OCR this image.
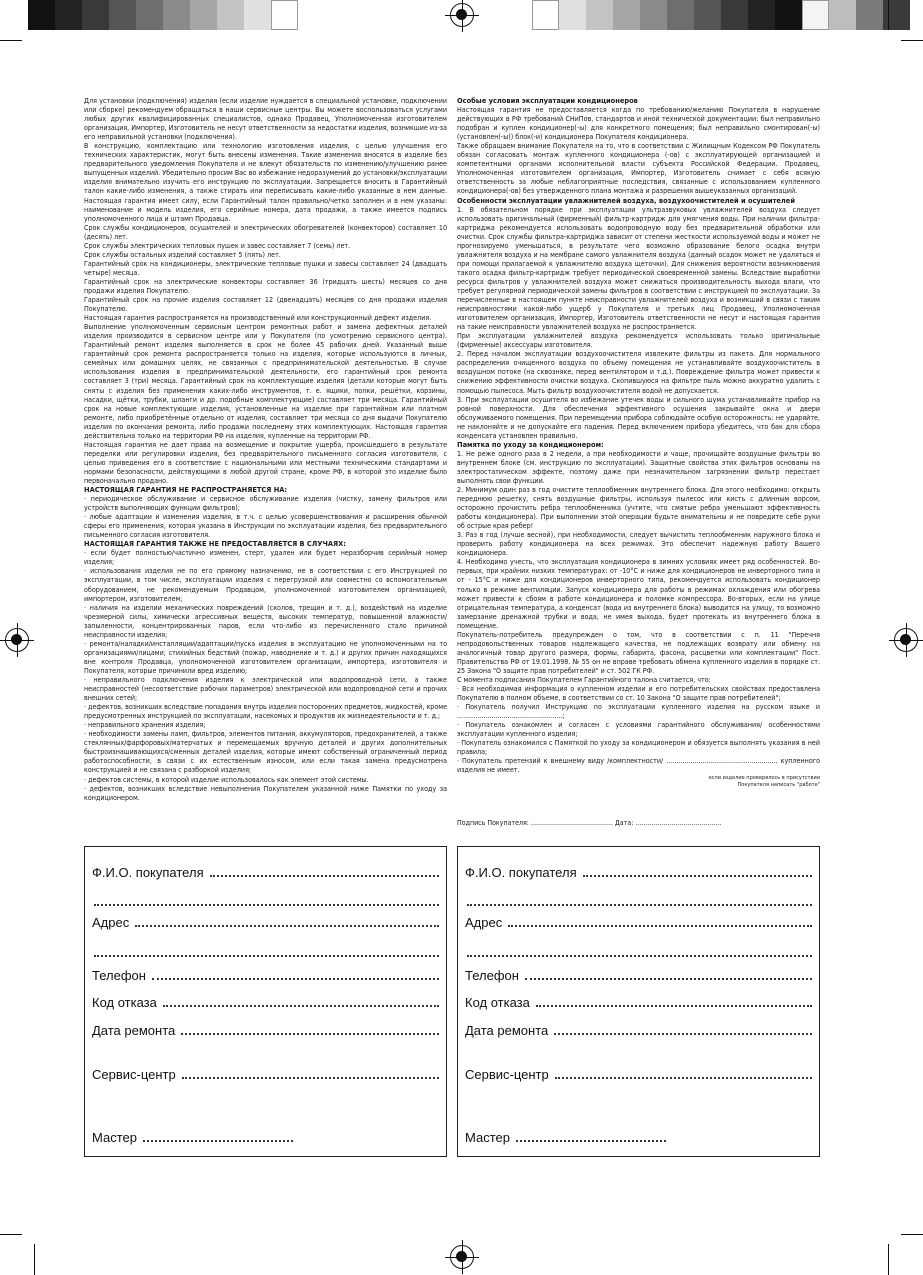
Для установки (подключения) изделия (если изделие нуждается в специальной установке, подключении или сборке) рекомендуем обращаться в наши сервисные центры. Вы можете воспользоваться услугами любых других квалифицированных специалистов, однако Продавец, Уполномоченная изготовителем организация, Импортер, Изготовитель не несут ответственности за недостатки изделия, возникшие из-за его неправильной установки (подключения).

В конструкцию, комплектацию или технологию изготовления изделия, с целью улучшения его технических характеристик, могут быть внесены изменения. Такие изменения вносятся в изделие без предварительного уведомления Покупателя и не влекут обязательств по изменению/улучшению ранее выпущенных изделий. Убедительно просим Вас во избежание недоразумений до установки/эксплуатации изделия внимательно изучить его инструкцию по эксплуатации. Запрещается вносить в Гарантийный талон какие-либо изменения, а также стирать или переписывать какие-либо указанные в нем данные. Настоящая гарантия имеет силу, если Гарантийный талон правильно/четко заполнен и в нем указаны: наименование и модель изделия, его серийные номера, дата продажи, а также имеется подпись уполномоченного лица и штамп Продавца.

Срок службы кондиционеров, осушителей и электрических обогревателей (конвекторов) составляет 10 (десять) лет.

Срок службы электрических тепловых пушек и завес составляет 7 (семь) лет.

Срок службы остальных изделий составляет 5 (пять) лет.

Гарантийный срок на кондиционеры, электрические тепловые пушки и завесы составляет 24 (двадцать четыре) месяца.

Гарантийный срок на электрические конвекторы составляет 36 (тридцать шесть) месяцев со дня продажи изделия Покупателю.

Гарантийный срок на прочие изделия составляет 12 (двенадцать) месяцев со дня продажи изделия Покупателю.

Настоящая гарантия распространяется на производственный или конструкционный дефект изделия.

Выполнение уполномоченным сервисным центром ремонтных работ и замена дефектных деталей изделия производится в сервисном центре или у Покупателя (по усмотрению сервисного центра). Гарантийный ремонт изделия выполняется в срок не более 45 рабочих дней. Указанный выше гарантийный срок ремонта распространяется только на изделия, которые используются в личных, семейных или домашних целях, не связанных с предпринимательской деятельностью. В случае использования изделия в предпринимательской деятельности, его гарантийный срок ремонта составляет 3 (три) месяца. Гарантийный срок на комплектующие изделия (детали которые могут быть сняты с изделия без применения каких-либо инструментов, т. е. ящики, полки, решётки, корзины, насадки, щётки, трубки, шланги и др. подобные комплектующие) составляет три месяца. Гарантийный срок на новые комплектующие изделия, установленные на изделие при гарантийном или платном ремонте, либо приобретённые отдельно от изделия, составляет три месяца со дня выдачи Покупателю изделия по окончании ремонта, либо продажи последнему этих комплектующих. Настоящая гарантия действительна только на территории РФ на изделия, купленные на территории РФ.

Настоящая гарантия не дает права на возмещение и покрытие ущерба, происшедшего в результате переделки или регулировки изделия, без предварительного письменного согласия изготовителя, с целью приведения его в соответствие с национальными или местными техническими стандартами и нормами безопасности, действующими в любой другой стране, кроме РФ, в которой это изделие было первоначально продано.

НАСТОЯЩАЯ ГАРАНТИЯ НЕ РАСПРОСТРАНЯЕТСЯ НА:

· периодическое обслуживание и сервисное обслуживание изделия (чистку, замену фильтров или устройств выполняющих функции фильтров);

· любые адаптации и изменения изделия, в т.ч. с целью усовершенствования и расширения обычной сферы его применения, которая указана в Инструкции по эксплуатации изделия, без предварительного письменного согласия изготовителя.

НАСТОЯЩАЯ ГАРАНТИЯ ТАКЖЕ НЕ ПРЕДОСТАВЛЯЕТСЯ В СЛУЧАЯХ:

· если будет полностью/частично изменен, стерт, удален или будет неразборчив серийный номер изделия;

· использования изделия не по его прямому назначению, не в соответствии с его Инструкцией по эксплуатации, в том числе, эксплуатации изделия с перегрузкой или совместно со вспомогательным оборудованием, не рекомендуемым Продавцом, уполномоченной изготовителем организацией, импортером, изготовителем;

· наличия на изделии механических повреждений (сколов, трещин и т. д.), воздействий на изделие чрезмерной силы, химически агрессивных веществ, высоких температур, повышенной влажности/запыленности, концентрированных паров, если что-либо из перечисленного стало причиной неисправности изделия;

· ремонта/наладки/инсталляции/адаптации/пуска изделия в эксплуатацию не уполномоченными на то организациями/лицами; стихийных бедствий (пожар, наводнение и т. д.) и других причин находящихся вне контроля Продавца, уполномоченной изготовителем организации, импортера, изготовителя и Покупателя, которые причинили вред изделию;

· неправильного подключения изделия к электрической или водопроводной сети, а также неисправностей (несоответствие рабочих параметров) электрической или водопроводной сети и прочих внешних сетей;

· дефектов, возникших вследствие попадания внутрь изделия посторонних предметов, жидкостей, кроме предусмотренных инструкцией по эксплуатации, насекомых и продуктов их жизнедеятельности и т. д.;

· неправильного хранения изделия;

· необходимости замены ламп, фильтров, элементов питания, аккумуляторов, предохранителей, а также стеклянных/фарфоровых/матерчатых и перемещаемых вручную деталей и других дополнительных быстроизнашивающихся/сменных деталей изделия, которые имеют собственный ограниченный период работоспособности, в связи с их естественным износом, или если такая замена предусмотрена конструкцией и не связана с разборкой изделия;

· дефектов системы, в которой изделие использовалось как элемент этой системы.

· дефектов, возникших вследствие невыполнения Покупателем указанной ниже Памятки по уходу за кондиционером.

Особые условия эксплуатации кондиционеров

Настоящая гарантия не предоставляется когда по требованию/желанию Покупателя в нарушение действующих в РФ требований СНиПов, стандартов и иной технической документации: был неправильно подобран и куплен кондиционер(-ы) для конкретного помещения; был неправильно смонтирован(-ы) (установлен(-ы)) блок(-и) кондиционера Покупателя кондиционера.

Также обращаем внимание Покупателя на то, что в соответствии с Жилищным Кодексом РФ Покупатель обязан согласовать монтаж купленного кондиционера (-ов) с эксплуатирующей организацией и компетентными органами исполнительной власти субъекта Российской Федерации. Продавец, Уполномоченная изготовителем организация, Импортер, Изготовитель снимает с себя всякую ответственность за любые неблагоприятные последствия, связанные с использованием купленного кондиционера(-ов) без утвержденного плана монтажа и разрешения вышеуказанных организаций.

Особенности эксплуатации увлажнителей воздуха, воздухоочистителей и осушителей

1. В обязательном порядке при эксплуатации ультразвуковых увлажнителей воздуха следует использовать оригинальный (фирменный) фильтр-картридж для умягчения воды. При наличии фильтра-картриджа рекомендуется использовать водопроводную воду без предварительной обработки или очистки. Срок службы фильтра-картриджа зависит от степени жесткости используемой воды и может не прогнозируемо уменьшаться, в результате чего возможно образование белого осадка внутри увлажнителя воздуха и на мембране самого увлажнителя воздуха (данный осадок может не удаляться и при помощи прилагаемой к увлажнителю воздуха щеточки). Для снижения вероятности возникновения такого осадка фильтр-картридж требует периодической своевременной замены. Вследствие выработки ресурса фильтров у увлажнителей воздуха может снижаться производительность выхода влаги, что требует регулярной периодической замены фильтров в соответствии с инструкцией по эксплуатации. За перечисленные в настоящем пункте неисправности увлажнителей воздуха и возникший в связи с таким неисправностями какой-либо ущерб у Покупателя и третьих лиц Продавец, Уполномоченная изготовителем организация, Импортер, Изготовитель ответственности не несут и настоящая гарантия на такие неисправности увлажнителей воздуха не распространяется.

При эксплуатации увлажнителей воздуха рекомендуется использовать только оригинальные (фирменные) аксессуары изготовителя.

2. Перед началом эксплуатации воздухоочистителя извлеките фильтры из пакета. Для нормального распределения очищенного воздуха по объему помещения не устанавливайте воздухоочиститель в воздушном потоке (на сквозняке, перед вентилятором и т.д.). Повреждение фильтра может привести к снижению эффективности очистки воздуха. Скопившуюся на фильтре пыль можно аккуратно удалить с помощью пылесоса. Мыть фильтр воздухоочистителя водой не допускается.

3. При эксплуатации осушителя во избежание утечек воды и сильного шума устанавливайте прибор на ровной поверхности. Для обеспечения эффективного осушения закрывайте окна и двери обслуживаемого помещения. При перемещении прибора соблюдайте особую осторожность: не ударяйте, не наклоняйте и не допускайте его падения. Перед включением прибора убедитесь, что бак для сбора конденсата установлен правильно.

Памятка по уходу за кондиционером:

1. Не реже одного раза в 2 недели, а при необходимости и чаще, прочищайте воздушные фильтры во внутреннем блоке (см. инструкцию по эксплуатации). Защитные свойства этих фильтров основаны на электростатическом эффекте, поэтому даже при незначительном загрязнении фильтр перестает выполнять свои функции.

2. Минимум один раз в год очистите теплообменник внутреннего блока. Для этого необходимо: открыть переднюю решетку, снять воздушные фильтры, используя пылесос или кисть с длинным ворсом, осторожно прочистить ребра теплообменника (учтите, что смятые ребра уменьшают эффективность работы кондиционера). При выполнении этой операции будьте внимательны и не повредите себе руки об острые края ребер!

3. Раз в год (лучше весной), при необходимости, следует вычистить теплообменник наружного блока и проверить работу кондиционера на всех режимах. Это обеспечит надежную работу Вашего кондиционера.

4. Необходимо учесть, что эксплуатация кондиционера в зимних условиях имеет ряд особенностей. Во-первых, при крайних низких температурах: от -10°C и ниже для кондиционеров не инверторного типа и от - 15°C и ниже для кондиционеров инверторного типа, рекомендуется использовать кондиционер только в режиме вентиляции. Запуск кондиционера для работы в режимах охлаждения или обогрева может привести к сбоям в работе кондиционера и поломке компрессора. Во-вторых, если на улице отрицательная температура, а конденсат (вода из внутреннего блока) выводится на улицу, то возможно замерзание дренажной трубки и вода, не имея выхода, будет протекать из внутреннего блока в помещение.

Покупатель-потребитель предупрежден о том, что в соответствии с п. 11 "Перечня непродовольственных товаров надлежащего качества, не подлежащих возврату или обмену на аналогичный товар другого размера, формы, габарита, фасона, расцветки или комплектации" Пост. Правительства РФ от 19.01.1998. № 55 он не вправе требовать обмена купленного изделия в порядке ст. 25 Закона "О защите прав потребителей" и ст. 502 ГК РФ.

С момента подписания Покупателем Гарантийного талона считается, что:

· Вся необходимая информация о купленном изделии и его потребительских свойствах предоставлена Покупателю в полном объеме, в соответствии со ст. 10 Закона "О защите прав потребителей";

· Покупатель получил Инструкцию по эксплуатации купленного изделия на русском языке и ....................................................;

· Покупатель ознакомлен и согласен с условиями гарантийного обслуживания/ особенностями эксплуатации купленного изделия;

· Покупатель ознакомился с Памяткой по уходу за кондиционером и обязуется выполнять указания в ней правила;

· Покупатель претензий к внешнему виду /комплектности/ ....................................................... купленного изделия не имеет.

если изделие проверялось в присутствии

Покупателя написать "работе"

Подпись Покупателя: ......................................... Дата: ...........................................
Ф.И.О. покупателя
Адрес
Телефон
Код отказа
Дата ремонта
Сервис-центр
Мастер
Ф.И.О. покупателя
Адрес
Телефон
Код отказа
Дата ремонта
Сервис-центр
Мастер
